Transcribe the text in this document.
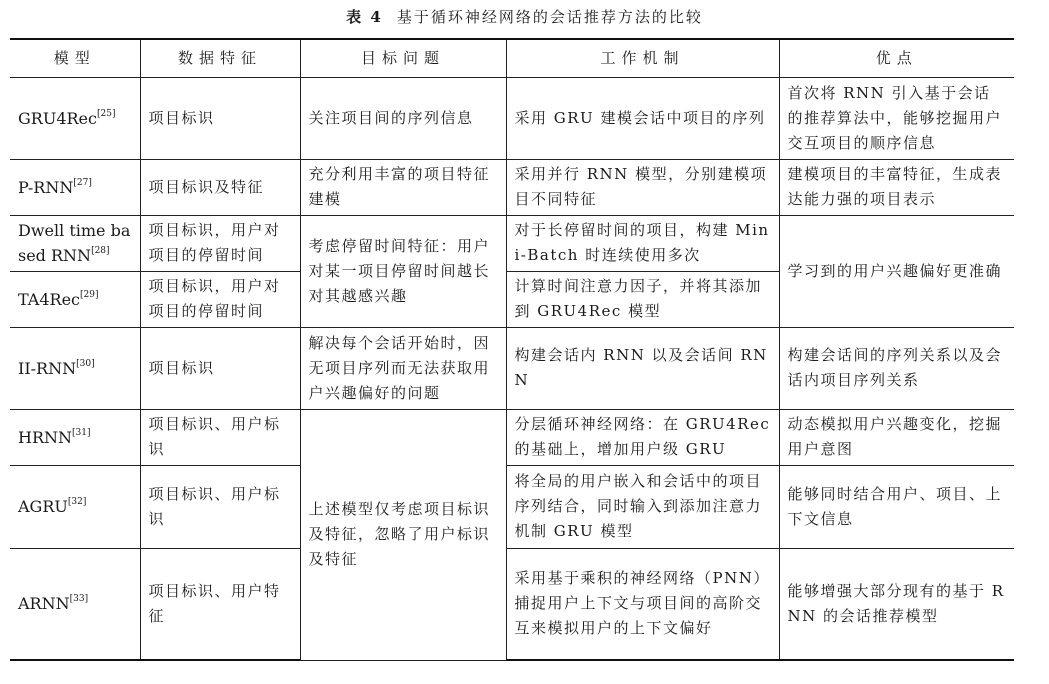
表 4 基于循环神经网络的会话推荐方法的比较
模型	数据特征	目标问题	工作机制	优点
GRU4Rec [ $^{25}$ ]	项目标识	关注项目间的序列信息	采用 GRU 建模会话中项目的序列	首次将 RNN 引入基于会话的推荐算法中，能够挖掘用户交互项目的顺序信息
P-RNN [ $^{27}$ ]	项目标识及特征	充分利用丰富的项目特征建模	采用并行 RNN 模型，分别建模项目不同特征	建模项目的丰富特征，生成表达能力强的项目表示
Dwell time based RNN [ $^{28}$ ]	项目标识，用户对项目的停留时间	考虑停留时间特征：用户对某一项目停留时间越长对其越感兴趣	对于长停留时间的项目，构建 Mini-Batch 时连续使用多次	学习到的用户兴趣偏好更准确
TA4Rec [ $^{29}$ ]	项目标识，用户对项目的停留时间		计算时间注意力因子，并将其添加到 GRU4Rec 模型	
II-RNN [ $^{30}$ ]	项目标识	解决每个会话开始时，因无项目序列而无法获取用户兴趣偏好的问题	构建会话内 RNN 以及会话间 RNN	构建会话间的序列关系以及会话内项目序列关系
HRNN [ $^{31}$ ]	项目标识、用户标识	上述模型仅考虑项目标识及特征，忽略了用户标识及特征	分层循环神经网络：在 GRU4Rec 的基础上，增加用户级 GRU	动态模拟用户兴趣变化，挖掘用户意图
AGRU [ $^{32}$ ]	项目标识、用户标识		将全局的用户嵌入和会话中的项目序列结合，同时输入到添加注意力机制 GRU 模型	能够同时结合用户、项目、上下文信息
ARNN [ $^{33}$ ]	项目标识、用户特征		采用基于乘积的神经网络（PNN）捕捉用户上下文与项目间的高阶交互来模拟用户的上下文偏好	能够增强大部分现有的基于 RNN 的会话推荐模型
